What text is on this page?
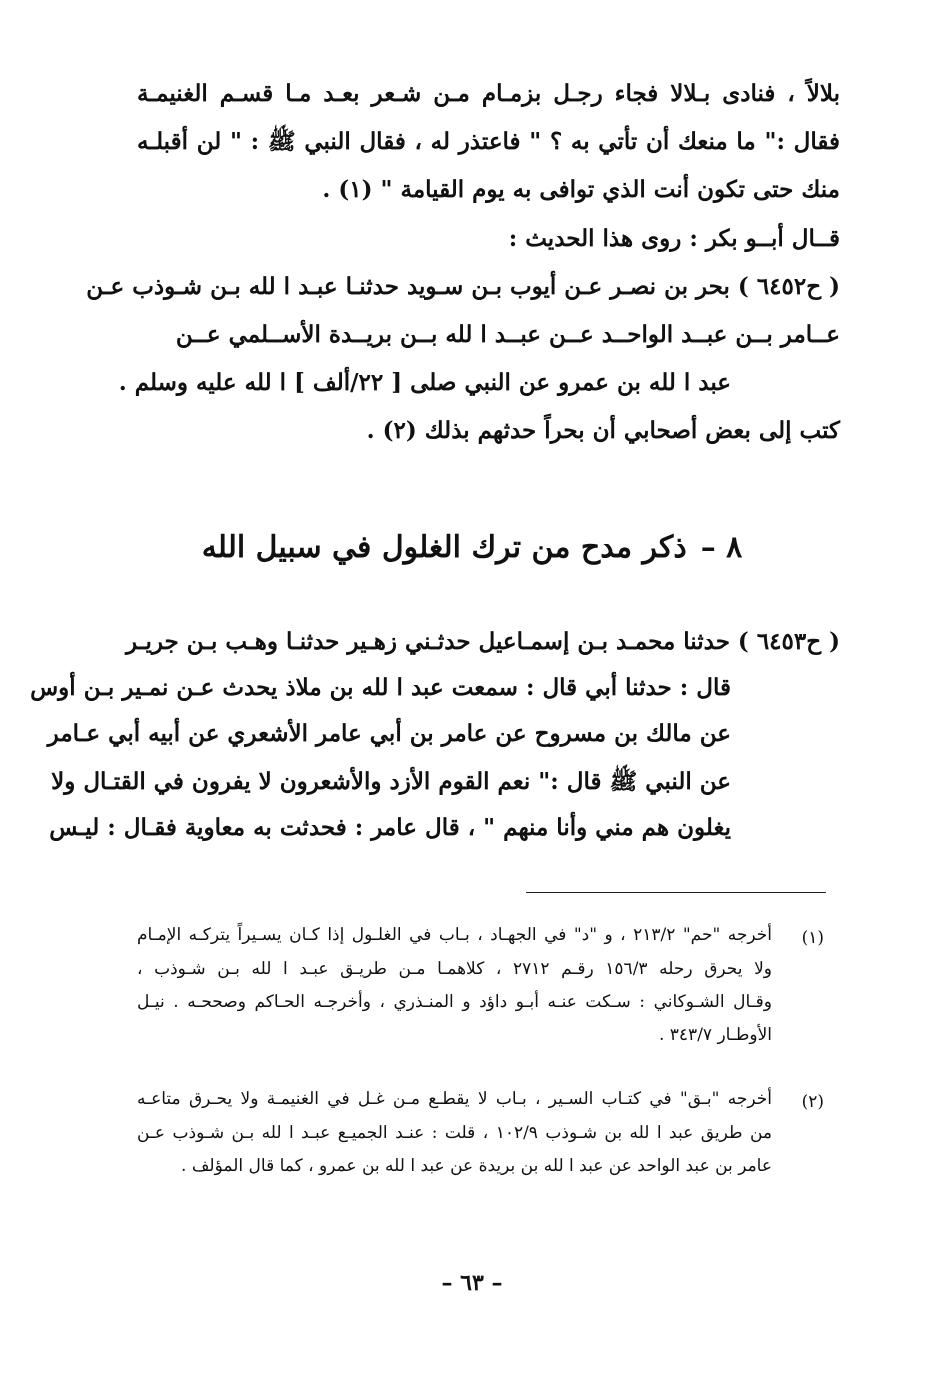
بلالاً ، فنادى بـلالا فجاء رجـل بزمـام مـن شـعر بعـد مـا قسـم الغنيمـة
فقال :" ما منعك أن تأتي به ؟ " فاعتذر له ، فقال النبي ﷺ : " لن أقبلـه
منك حتى تكون أنت الذي توافى به يوم القيامة " (١) .
قــال أبــو بكر : روى هذا الحديث :
( ح٦٤٥٢ ) بحر بن نصـر عـن أيوب بـن سـويد حدثنـا عبـد ا لله بـن شـوذب عـن
عــامر بــن عبــد الواحــد عــن عبــد ا لله بــن بريــدة الأســلمي عــن
عبد ا لله بن عمرو عن النبي صلى [ ٢٢/ألف ] ا لله عليه وسلم .
كتب إلى بعض أصحابي أن بحراً حدثهم بذلك (٢) .
٨ –ذكر مدح من ترك الغلول في سبيل الله
( ح٦٤٥٣ ) حدثنا محمـد بـن إسمـاعيل حدثـني زهـير حدثنـا وهـب بـن جريـر
قال : حدثنا أبي قال : سمعت عبد ا لله بن ملاذ يحدث عـن نمـير بـن أوس
عن مالك بن مسروح عن عامر بن أبي عامر الأشعري عن أبيه أبي عـامر
عن النبي ﷺ قال :" نعم القوم الأزد والأشعرون لا يفرون في القتـال ولا
يغلون هم مني وأنا منهم " ، قال عامر : فحدثت به معاوية فقـال : ليـس
(١)
أخرجه "حم" ٢١٣/٢ ، و "د" في الجهـاد ، بـاب في الغلـول إذا كـان يسـيراً يتركـه الإمـام
ولا يحرق رحله ١٥٦/٣ رقـم ٢٧١٢ ، كلاهمـا مـن طريـق عبـد ا لله بـن شـوذب ،
وقـال الشـوكاني : سـكت عنـه أبـو داؤد و المنـذري ، وأخرجـه الحـاكم وصححـه . نيـل
الأوطـار ٣٤٣/٧ .
(٢)
أخرجه "بـق" في كتـاب السـير ، بـاب لا يقطـع مـن غـل في الغنيمـة ولا يحـرق متاعـه
من طريق عبد ا لله بن شـوذب ١٠٢/٩ ، قلت : عنـد الجميـع عبـد ا لله بـن شـوذب عـن
عامر بن عبد الواحد عن عبد ا لله بن بريدة عن عبد ا لله بن عمرو ، كما قال المؤلف .
– ٦٣ –
